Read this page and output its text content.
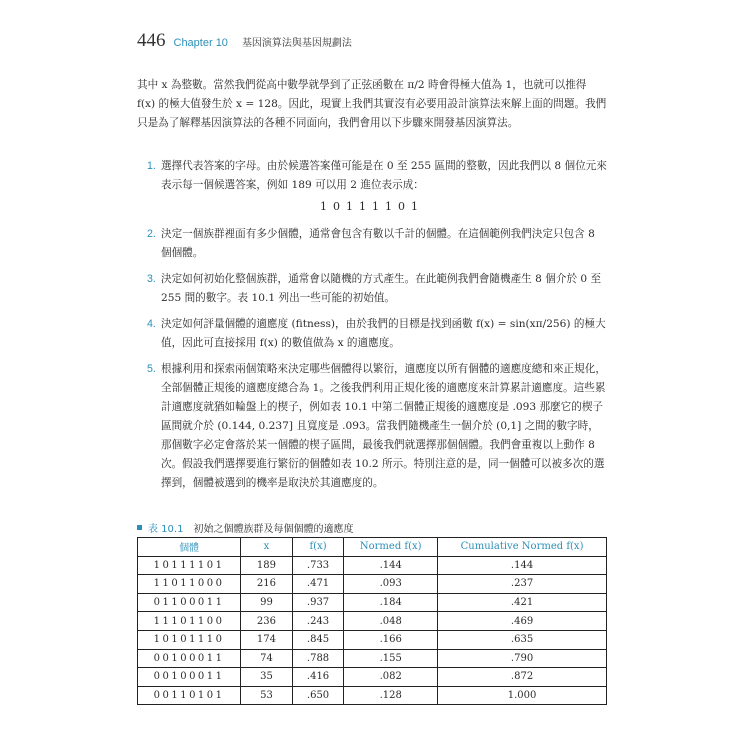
446 Chapter 10 基因演算法與基因規劃法
其中 x 為整數。當然我們從高中數學就學到了正弦函數在 π/2 時會得極大值為 1，也就可以推得 f(x) 的極大值發生於 x = 128。因此，現實上我們其實沒有必要用設計演算法來解上面的問題。我們只是為了解釋基因演算法的各種不同面向，我們會用以下步驟來開發基因演算法。
1. 選擇代表答案的字母。由於候選答案僅可能是在 0 至 255 區間的整數，因此我們以 8 個位元來表示每一個候選答案，例如 189 可以用 2 進位表示成：
10111101
2. 決定一個族群裡面有多少個體，通常會包含有數以千計的個體。在這個範例我們決定只包含 8 個個體。
3. 決定如何初始化整個族群，通常會以隨機的方式產生。在此範例我們會隨機產生 8 個介於 0 至 255 間的數字。表 10.1 列出一些可能的初始值。
4. 決定如何評量個體的適應度 (fitness)，由於我們的目標是找到函數 f(x) = sin(xπ/256) 的極大值，因此可直接採用 f(x) 的數值做為 x 的適應度。
5. 根據利用和探索兩個策略來決定哪些個體得以繁衍，適應度以所有個體的適應度總和來正規化，全部個體正規後的適應度總合為 1。之後我們利用正規化後的適應度來計算累計適應度。這些累計適應度就猶如輪盤上的楔子，例如表 10.1 中第二個體正規後的適應度是 .093 那麼它的楔子區間就介於 (0.144, 0.237] 且寬度是 .093。當我們隨機產生一個介於 (0,1] 之間的數字時，那個數字必定會落於某一個體的楔子區間，最後我們就選擇那個個體。我們會重複以上動作 8 次。假設我們選擇要進行繁衍的個體如表 10.2 所示。特別注意的是，同一個體可以被多次的選擇到，個體被選到的機率是取決於其適應度的。
表 10.1 初始之個體族群及每個個體的適應度
個體	x	f(x)	Normed f(x)	Cumulative Normed f(x)
10111101	189	.733	.144	.144
11011000	216	.471	.093	.237
01100011	99	.937	.184	.421
11101100	236	.243	.048	.469
10101110	174	.845	.166	.635
00100011	74	.788	.155	.790
00100011	35	.416	.082	.872
00110101	53	.650	.128	1.000
